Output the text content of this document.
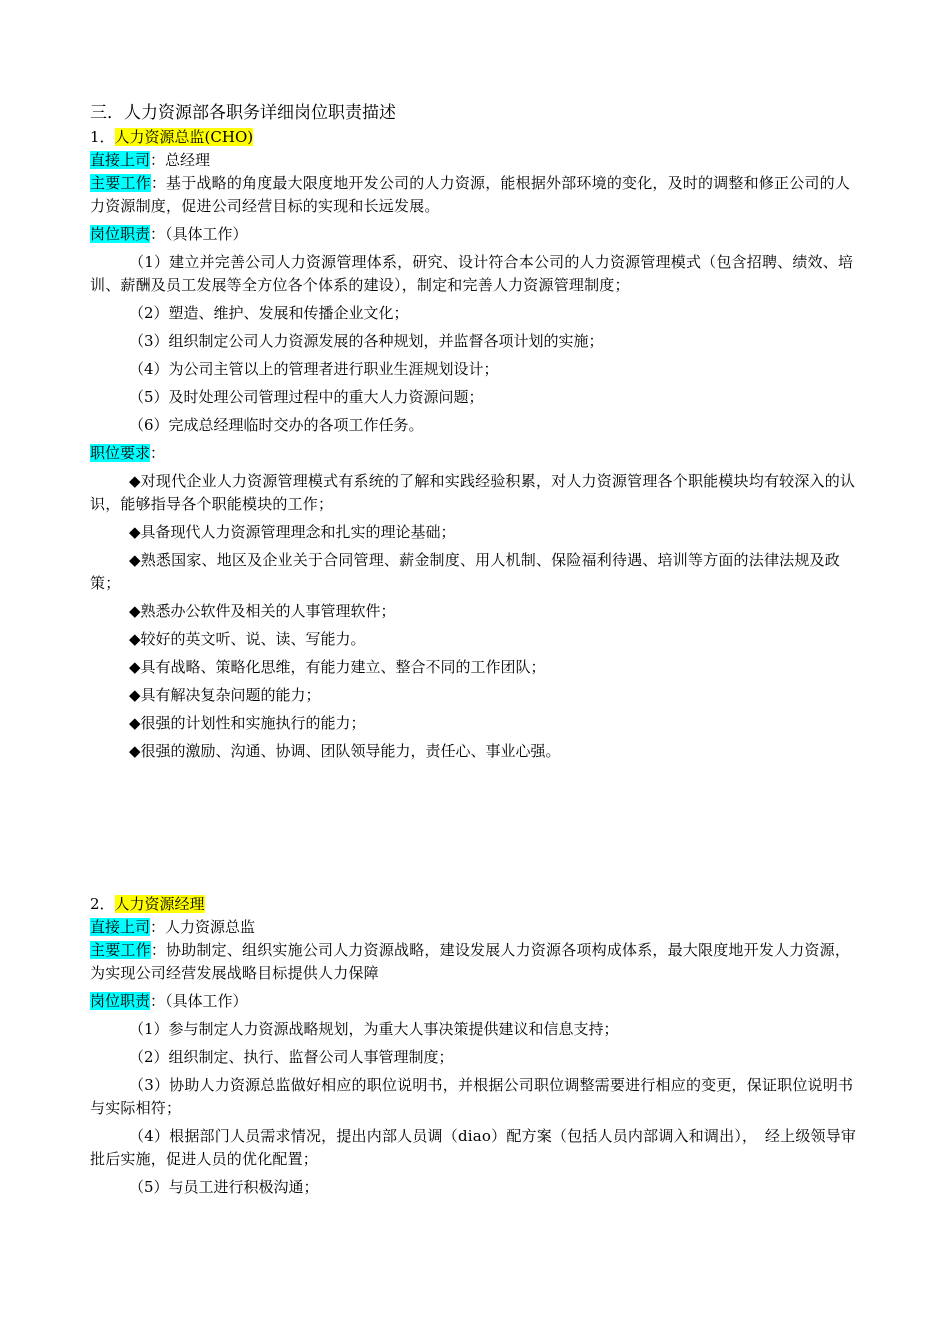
三．人力资源部各职务详细岗位职责描述
1．人力资源总监(CHO)
直接上司：总经理
主要工作：基于战略的角度最大限度地开发公司的人力资源，能根据外部环境的变化，及时的调整和修正公司的人力资源制度，促进公司经营目标的实现和长远发展。
岗位职责：（具体工作）
（1）建立并完善公司人力资源管理体系，研究、设计符合本公司的人力资源管理模式（包含招聘、绩效、培训、薪酬及员工发展等全方位各个体系的建设），制定和完善人力资源管理制度；
（2）塑造、维护、发展和传播企业文化；
（3）组织制定公司人力资源发展的各种规划，并监督各项计划的实施；
（4）为公司主管以上的管理者进行职业生涯规划设计；
（5）及时处理公司管理过程中的重大人力资源问题；
（6）完成总经理临时交办的各项工作任务。
职位要求：
◆对现代企业人力资源管理模式有系统的了解和实践经验积累，对人力资源管理各个职能模块均有较深入的认识，能够指导各个职能模块的工作；
◆具备现代人力资源管理理念和扎实的理论基础；
◆熟悉国家、地区及企业关于合同管理、薪金制度、用人机制、保险福利待遇、培训等方面的法律法规及政策；
◆熟悉办公软件及相关的人事管理软件；
◆较好的英文听、说、读、写能力。
◆具有战略、策略化思维，有能力建立、整合不同的工作团队；
◆具有解决复杂问题的能力；
◆很强的计划性和实施执行的能力；
◆很强的激励、沟通、协调、团队领导能力，责任心、事业心强。
2．人力资源经理
直接上司：人力资源总监
主要工作：协助制定、组织实施公司人力资源战略，建设发展人力资源各项构成体系，最大限度地开发人力资源，为实现公司经营发展战略目标提供人力保障
岗位职责：（具体工作）
（1）参与制定人力资源战略规划，为重大人事决策提供建议和信息支持；
（2）组织制定、执行、监督公司人事管理制度；
（3）协助人力资源总监做好相应的职位说明书，并根据公司职位调整需要进行相应的变更，保证职位说明书与实际相符；
（4）根据部门人员需求情况，提出内部人员调（diao）配方案（包括人员内部调入和调出），　经上级领导审批后实施，促进人员的优化配置；
（5）与员工进行积极沟通；
